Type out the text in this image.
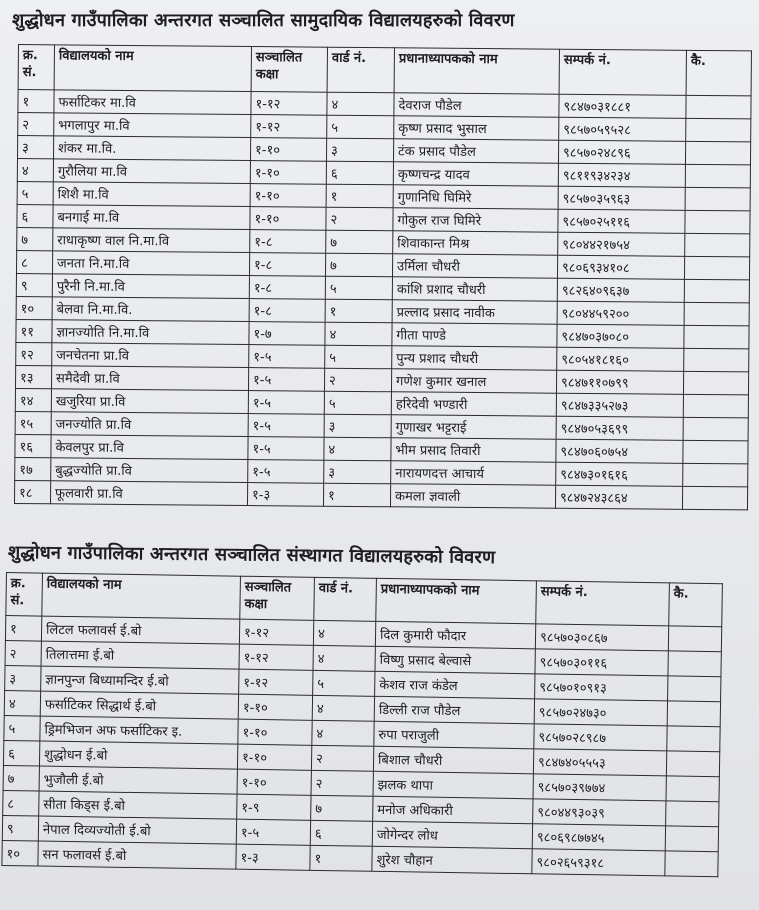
शुद्धोधन गाउँपालिका अन्तरगत सञ्चालित सामुदायिक विद्यालयहरुको विवरण
क्र. सं.	विद्यालयको नाम	सञ्चालित कक्षा	वार्ड नं.	प्रधानाध्यापकको नाम	सम्पर्क नं.	कै.
१	फर्साटिकर मा.वि	१-१२	४	देवराज पौडेल	९८४७०३१८८१	
२	भगलापुर मा.वि	१-१२	५	कृष्ण प्रसाद भुसाल	९८५७०५९५२८	
३	शंकर मा.वि.	१-१०	३	टंक प्रसाद पौडेल	९८५७०२४८९६	
४	गुरौलिया मा.वि	१-१०	६	कृष्णचन्द्र यादव	९८११९३४२३४	
५	शिशै मा.वि	१-१०	१	गुणानिधि घिमिरे	९८५७०३५९६३	
६	बनगाई मा.वि	१-१०	२	गोकुल राज घिमिरे	९८५७०२५११६	
७	राधाकृष्ण वाल नि.मा.वि	१-८	७	शिवाकान्त मिश्र	९८०४४२१७५४	
८	जनता नि.मा.वि	१-८	७	उर्मिला चौधरी	९८०६९३४१०८	
९	पुरैनी नि.मा.वि	१-८	५	कांशि प्रशाद चौधरी	९८२६४०९६३७	
१०	बेलवा नि.मा.वि.	१-८	१	प्रल्लाद प्रसाद नावीक	९८०४४५९२००	
११	ज्ञानज्योति नि.मा.वि	१-७	४	गीता पाण्डे	९८४७०३७०८०	
१२	जनचेतना प्रा.वि	१-५	५	पुन्य प्रशाद चौधरी	९८०५४१८१६०	
१३	समैदेवी प्रा.वि	१-५	२	गणेश कुमार खनाल	९८४७११०७९९	
१४	खजुरिया प्रा.वि	१-५	५	हरिदेवी भण्डारी	९८४७३३५२७३	
१५	जनज्योति प्रा.वि	१-५	३	गुणाखर भट्टराई	९८४७०५३६९९	
१६	केवलपुर प्रा.वि	१-५	४	भीम प्रसाद तिवारी	९८४७०६०७५४	
१७	बुद्धज्योति प्रा.वि	१-५	३	नारायणदत्त आचार्य	९८४७३०१६१६	
१८	फूलवारी प्रा.वि	१-३	१	कमला ज्ञवाली	९८४७२४३८६४	
शुद्धोधन गाउँपालिका अन्तरगत सञ्चालित संस्थागत विद्यालयहरुको विवरण
क्र. सं.	विद्यालयको नाम	सञ्चालित कक्षा	वार्ड नं.	प्रधानाध्यापकको नाम	सम्पर्क नं.	कै.
१	लिटल फलावर्स ई.बो	१-१२	४	दिल कुमारी फौदार	९८५७०३०८६७	
२	तिलात्तमा ई.बो	१-१२	४	विष्णु प्रसाद बेल्वासे	९८५७०३०११६	
३	ज्ञानपुन्ज बिध्यामन्दिर ई.बो	१-१२	५	केशव राज कंडेल	९८५७०१०९१३	
४	फर्साटिकर सिद्धार्थ ई.बो	१-१०	४	डिल्ली राज पौडेल	९८५७०२४७३०	
५	ड्रिमभिजन अफ फर्साटिकर इ.	१-१०	४	रुपा पराजुली	९८५७०२८९८७	
६	शुद्धोधन ई.बो	१-१०	२	बिशाल चौधरी	९८४७४०५५५३	
७	भुजौली ई.बो	१-१०	२	झलक थापा	९८५७०३९७७४	
८	सीता किड्स ई.बो	१-९	७	मनोज अधिकारी	९८०४४९३०३९	
९	नेपाल दिव्यज्योती ई.बो	१-५	६	जोगेन्दर लोध	९८०६९८७७४५	
१०	सन फलावर्स ई.बो	१-३	१	शुरेश चौहान	९८०२६५९३१८	
